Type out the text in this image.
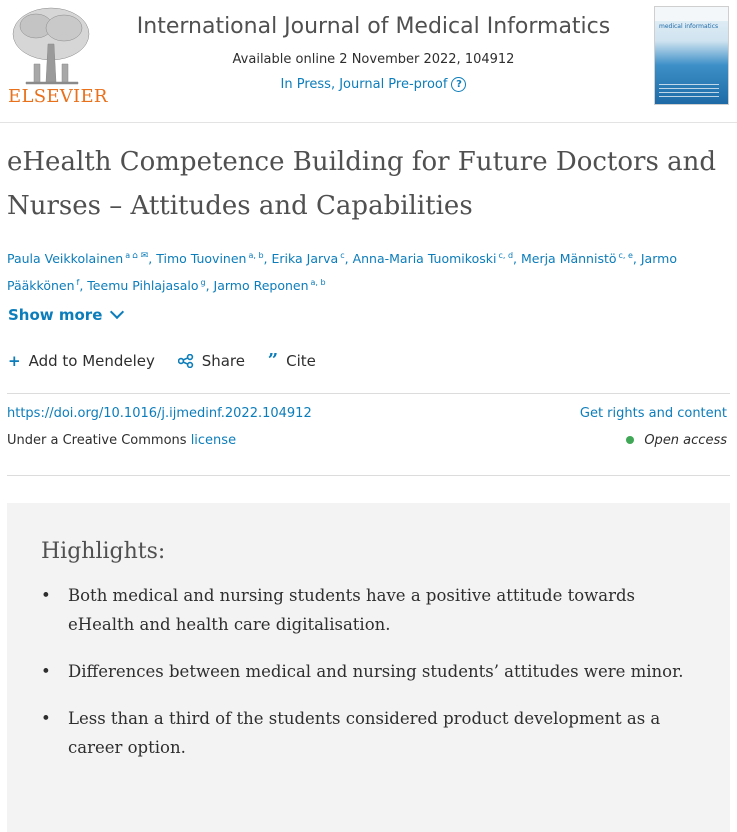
ELSEVIER
International Journal of Medical Informatics
Available online 2 November 2022, 104912
In Press, Journal Pre-proof ?
medical informatics
eHealth Competence Building for Future Doctors and Nurses – Attitudes and Capabilities
Paula Veikkolainen $^a$ ⌂ ✉, Timo Tuovinen $^{a, b}$, Erika Jarva $^c$, Anna-Maria Tuomikoski $^{c, d}$, Merja Männistö $^{c, e}$, Jarmo Pääkkönen $^f$, Teemu Pihlajasalo $^g$, Jarmo Reponen $^{a, b}$
Show more
+ Add to Mendeley	Share ” Cite
https://doi.org/10.1016/j.ijmedinf.2022.104912	Get rights and content
Under a Creative Commons license	Open access
Highlights:
• Both medical and nursing students have a positive attitude towards eHealth and health care digitalisation.
• Differences between medical and nursing students’ attitudes were minor.
• Less than a third of the students considered product development as a career option.
